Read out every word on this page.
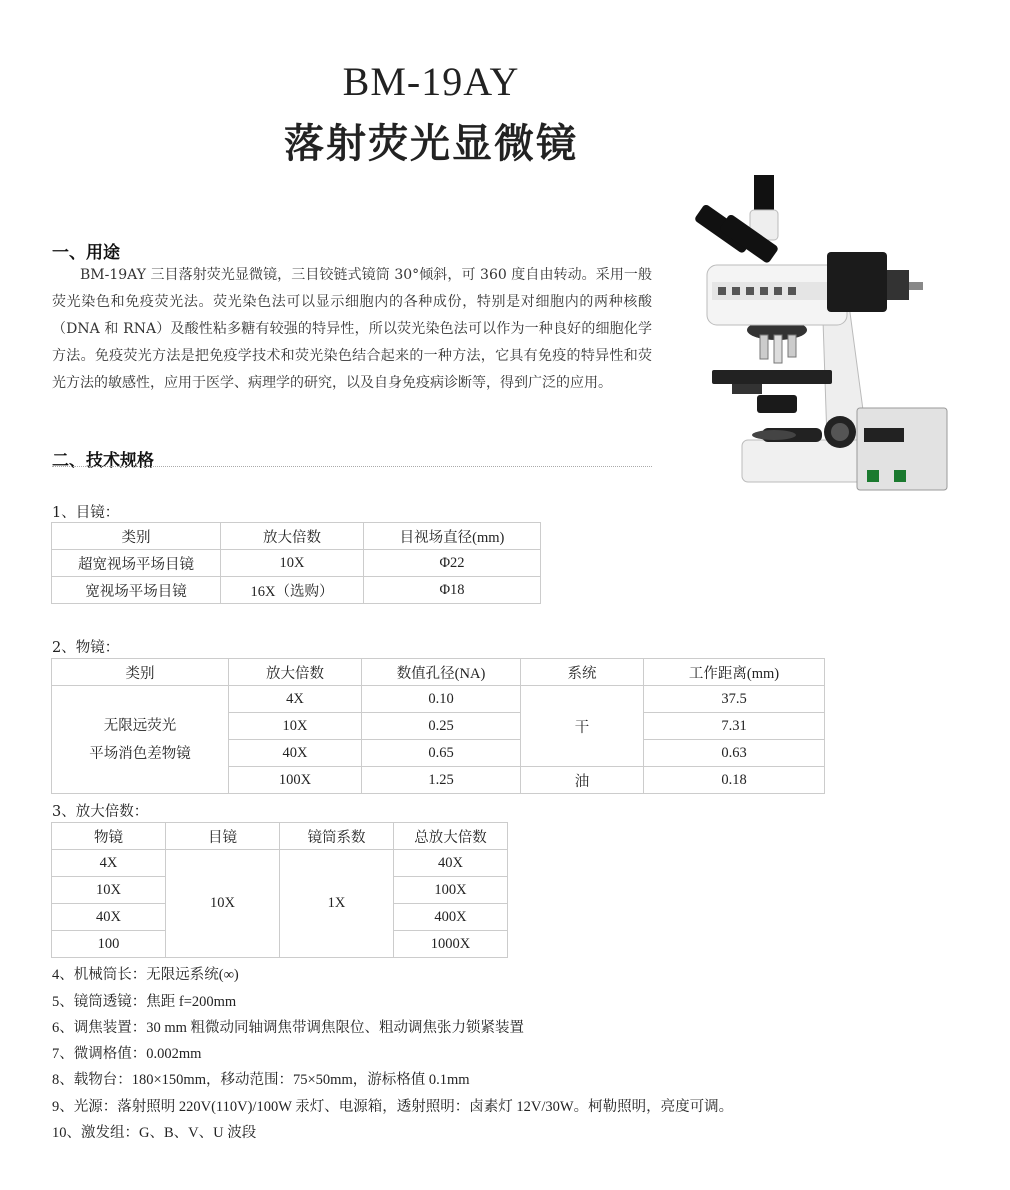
BM-19AY
落射荧光显微镜
一、用途
BM-19AY 三目落射荧光显微镜，三目铰链式镜筒 30°倾斜，可 360 度自由转动。采用一般荧光染色和免疫荧光法。荧光染色法可以显示细胞内的各种成份，特别是对细胞内的两种核酸（DNA 和 RNA）及酸性粘多糖有较强的特异性，所以荧光染色法可以作为一种良好的细胞化学方法。免疫荧光方法是把免疫学技术和荧光染色结合起来的一种方法，它具有免疫的特异性和荧光方法的敏感性，应用于医学、病理学的研究，以及自身免疫病诊断等，得到广泛的应用。
二、技术规格
1、目镜：
类别	放大倍数	目视场直径(mm)
超宽视场平场目镜	10X	Φ22
宽视场平场目镜	16X（选购）	Φ18
2、物镜：
类别	放大倍数	数值孔径(NA)	系统	工作距离(mm)

无限远荧光
平场消色差物镜	4X	0.10	干	37.5
	10X	0.25		7.31
	40X	0.65		0.63
	100X	1.25	油	0.18
3、放大倍数：
物镜	目镜	镜筒系数	总放大倍数
4X	10X	1X	40X
10X			100X
40X			400X
100			1000X
4、机械筒长：无限远系统(∞)
5、镜筒透镜：焦距 f=200mm
6、调焦装置：30 mm 粗微动同轴调焦带调焦限位、粗动调焦张力锁紧装置
7、微调格值：0.002mm
8、载物台：180×150mm，移动范围：75×50mm，游标格值 0.1mm
9、光源：落射照明 220V(110V)/100W 汞灯、电源箱，透射照明：卤素灯 12V/30W。柯勒照明，亮度可调。
10、激发组：G、B、V、U 波段
